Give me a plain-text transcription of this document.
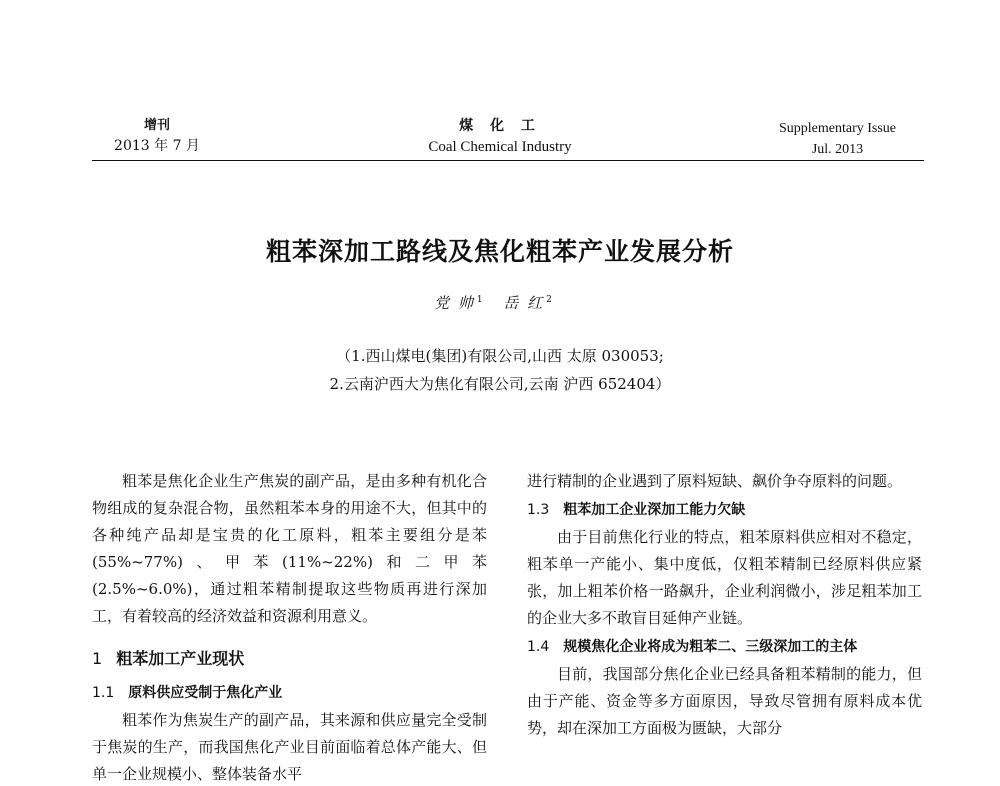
增刊
2013 年 7 月
煤 化 工
Coal Chemical Industry
Supplementary Issue
Jul. 2013
粗苯深加工路线及焦化粗苯产业发展分析
党 帅 $^1$ 岳 红 $^2$
（1.西山煤电(集团)有限公司,山西 太原 030053;
2.云南沪西大为焦化有限公司,云南 沪西 652404）

粗苯是焦化企业生产焦炭的副产品，是由多种有机化合物组成的复杂混合物，虽然粗苯本身的用途不大，但其中的各种纯产品却是宝贵的化工原料，粗苯主要组分是苯(55%~77%)、甲苯(11%~22%)和二甲苯(2.5%~6.0%)，通过粗苯精制提取这些物质再进行深加工，有着较高的经济效益和资源利用意义。

1 粗苯加工产业现状
1.1 原料供应受制于焦化产业

粗苯作为焦炭生产的副产品，其来源和供应量完全受制于焦炭的生产，而我国焦化产业目前面临着总体产能大、但单一企业规模小、整体装备水平

进行精制的企业遇到了原料短缺、飙价争夺原料的问题。

1.3 粗苯加工企业深加工能力欠缺

由于目前焦化行业的特点，粗苯原料供应相对不稳定，粗苯单一产能小、集中度低，仅粗苯精制已经原料供应紧张，加上粗苯价格一路飙升，企业利润微小，涉足粗苯加工的企业大多不敢盲目延伸产业链。

1.4 规模焦化企业将成为粗苯二、三级深加工的主体

目前，我国部分焦化企业已经具备粗苯精制的能力，但由于产能、资金等多方面原因，导致尽管拥有原料成本优势，却在深加工方面极为匮缺，大部分
